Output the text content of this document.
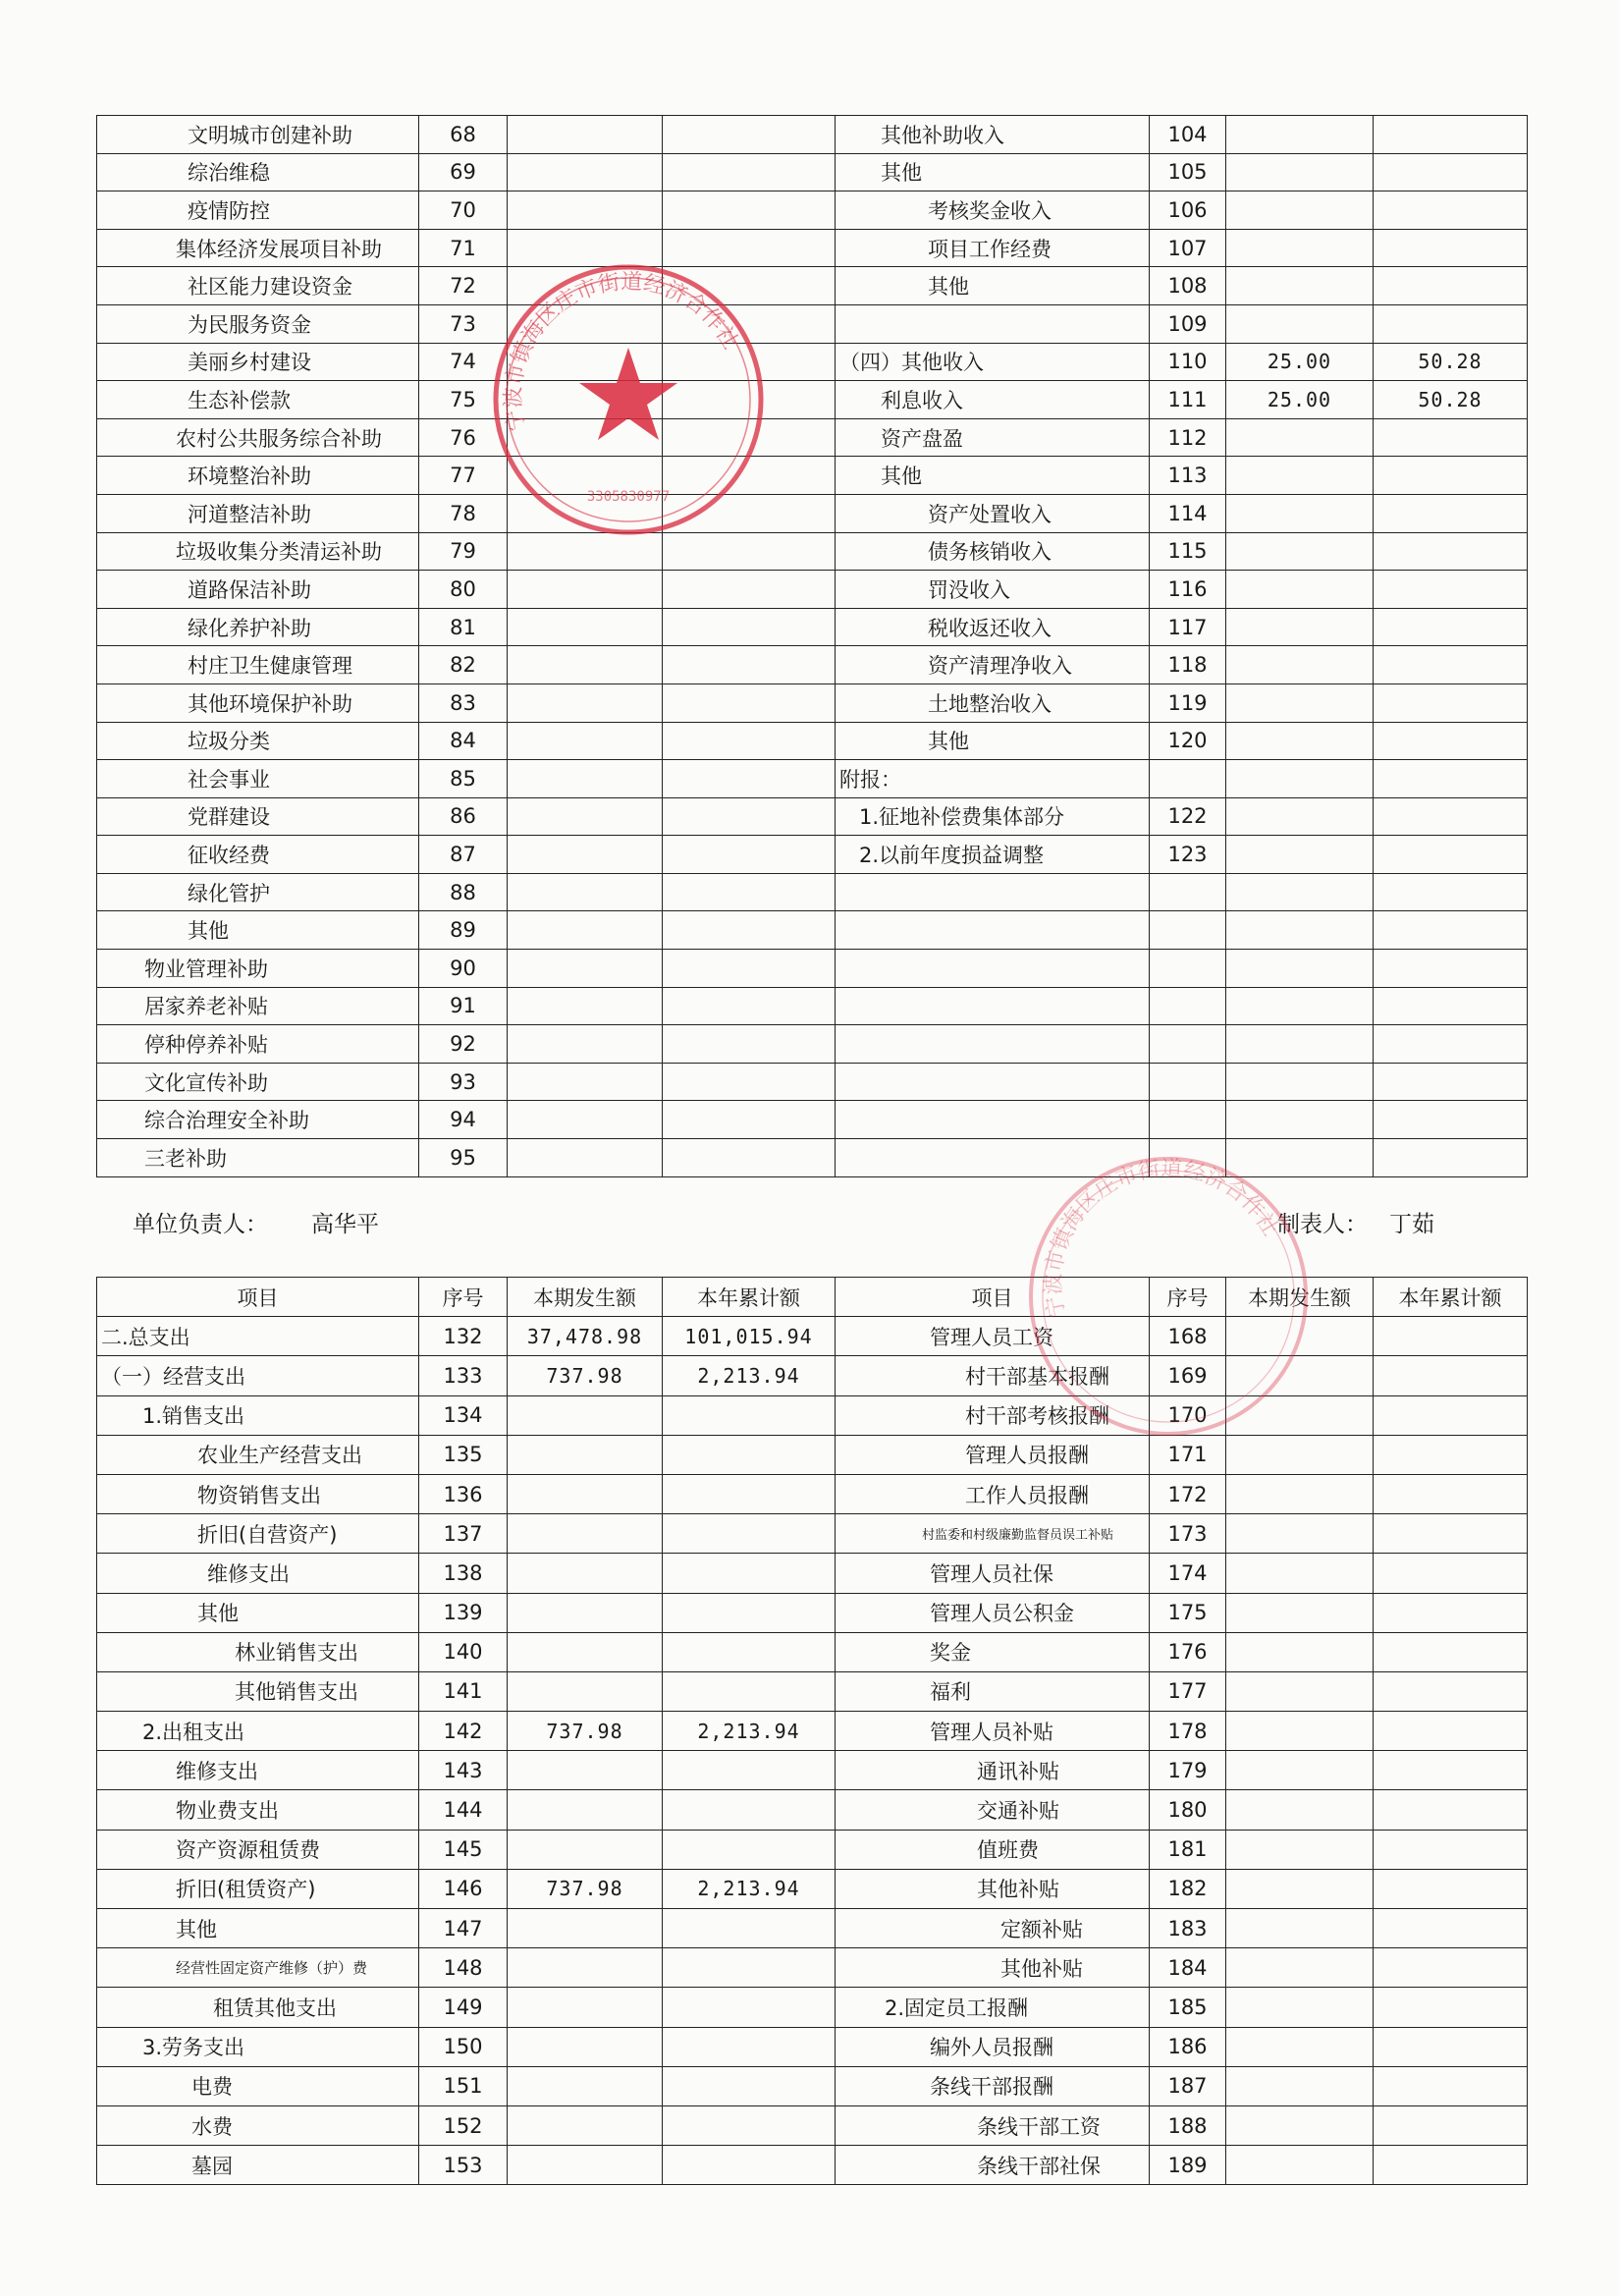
文明城市创建补助	68			其他补助收入	104		
综治维稳	69			其他	105		
疫情防控	70			考核奖金收入	106		
集体经济发展项目补助	71			项目工作经费	107		
社区能力建设资金	72			其他	108		
为民服务资金	73				109		
美丽乡村建设	74			（四）其他收入	110	25.00	50.28
生态补偿款	75			利息收入	111	25.00	50.28
农村公共服务综合补助	76			资产盘盈	112		
环境整治补助	77			其他	113		
河道整洁补助	78			资产处置收入	114		
垃圾收集分类清运补助	79			债务核销收入	115		
道路保洁补助	80			罚没收入	116		
绿化养护补助	81			税收返还收入	117		
村庄卫生健康管理	82			资产清理净收入	118		
其他环境保护补助	83			土地整治收入	119		
垃圾分类	84			其他	120		
社会事业	85			附报：			
党群建设	86			1.征地补偿费集体部分	122		
征收经费	87			2.以前年度损益调整	123		
绿化管护	88						
其他	89						
物业管理补助	90						
居家养老补贴	91						
停种停养补贴	92						
文化宣传补助	93						
综合治理安全补助	94						
三老补助	95						
单位负责人： 高华平	制表人： 丁茹
项目	序号	本期发生额	本年累计额	项目	序号	本期发生额	本年累计额
二.总支出	132	37,478.98	101,015.94	管理人员工资	168		
（一）经营支出	133	737.98	2,213.94	村干部基本报酬	169		
1.销售支出	134			村干部考核报酬	170		
农业生产经营支出	135			管理人员报酬	171		
物资销售支出	136			工作人员报酬	172		
折旧(自营资产)	137			村监委和村级廉勤监督员误工补贴	173		
维修支出	138			管理人员社保	174		
其他	139			管理人员公积金	175		
林业销售支出	140			奖金	176		
其他销售支出	141			福利	177		
2.出租支出	142	737.98	2,213.94	管理人员补贴	178		
维修支出	143			通讯补贴	179		
物业费支出	144			交通补贴	180		
资产资源租赁费	145			值班费	181		
折旧(租赁资产)	146	737.98	2,213.94	其他补贴	182		
其他	147			定额补贴	183		
经营性固定资产维修（护）费	148			其他补贴	184		
租赁其他支出	149			2.固定员工报酬	185		
3.劳务支出	150			编外人员报酬	186		
电费	151			条线干部报酬	187		
水费	152			条线干部工资	188		
墓园	153			条线干部社保	189		
宁波市镇海区庄市街道经济合作社
3305830977
宁波市镇海区庄市街道经济合作社
